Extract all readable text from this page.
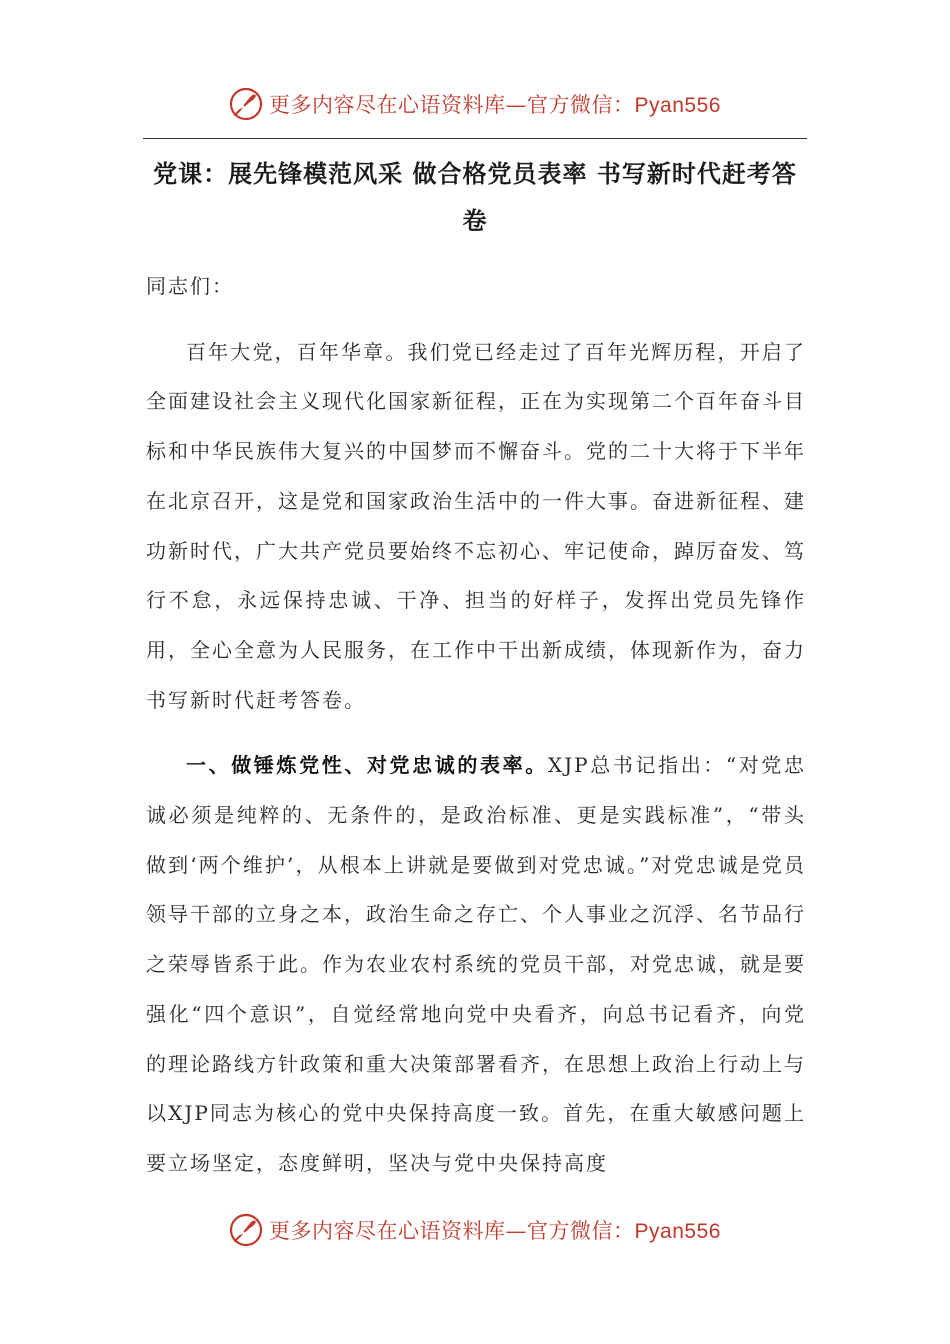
更多内容尽在心语资料库—官方微信：Pyan556
党课：展先锋模范风采 做合格党员表率 书写新时代赶考答卷

同志们：

百年大党，百年华章。我们党已经走过了百年光辉历程，开启了全面建设社会主义现代化国家新征程，正在为实现第二个百年奋斗目标和中华民族伟大复兴的中国梦而不懈奋斗。党的二十大将于下半年在北京召开，这是党和国家政治生活中的一件大事。奋进新征程、建功新时代，广大共产党员要始终不忘初心、牢记使命，踔厉奋发、笃行不怠，永远保持忠诚、干净、担当的好样子，发挥出党员先锋作用，全心全意为人民服务，在工作中干出新成绩，体现新作为，奋力书写新时代赶考答卷。

一、做锤炼党性、对党忠诚的表率。XJP总书记指出：“对党忠诚必须是纯粹的、无条件的，是政治标准、更是实践标准”，“带头做到‘两个维护’，从根本上讲就是要做到对党忠诚。”对党忠诚是党员领导干部的立身之本，政治生命之存亡、个人事业之沉浮、名节品行之荣辱皆系于此。作为农业农村系统的党员干部，对党忠诚，就是要强化“四个意识”，自觉经常地向党中央看齐，向总书记看齐，向党的理论路线方针政策和重大决策部署看齐，在思想上政治上行动上与以XJP同志为核心的党中央保持高度一致。首先，在重大敏感问题上要立场坚定，态度鲜明，坚决与党中央保持高度

更多内容尽在心语资料库—官方微信：Pyan556
